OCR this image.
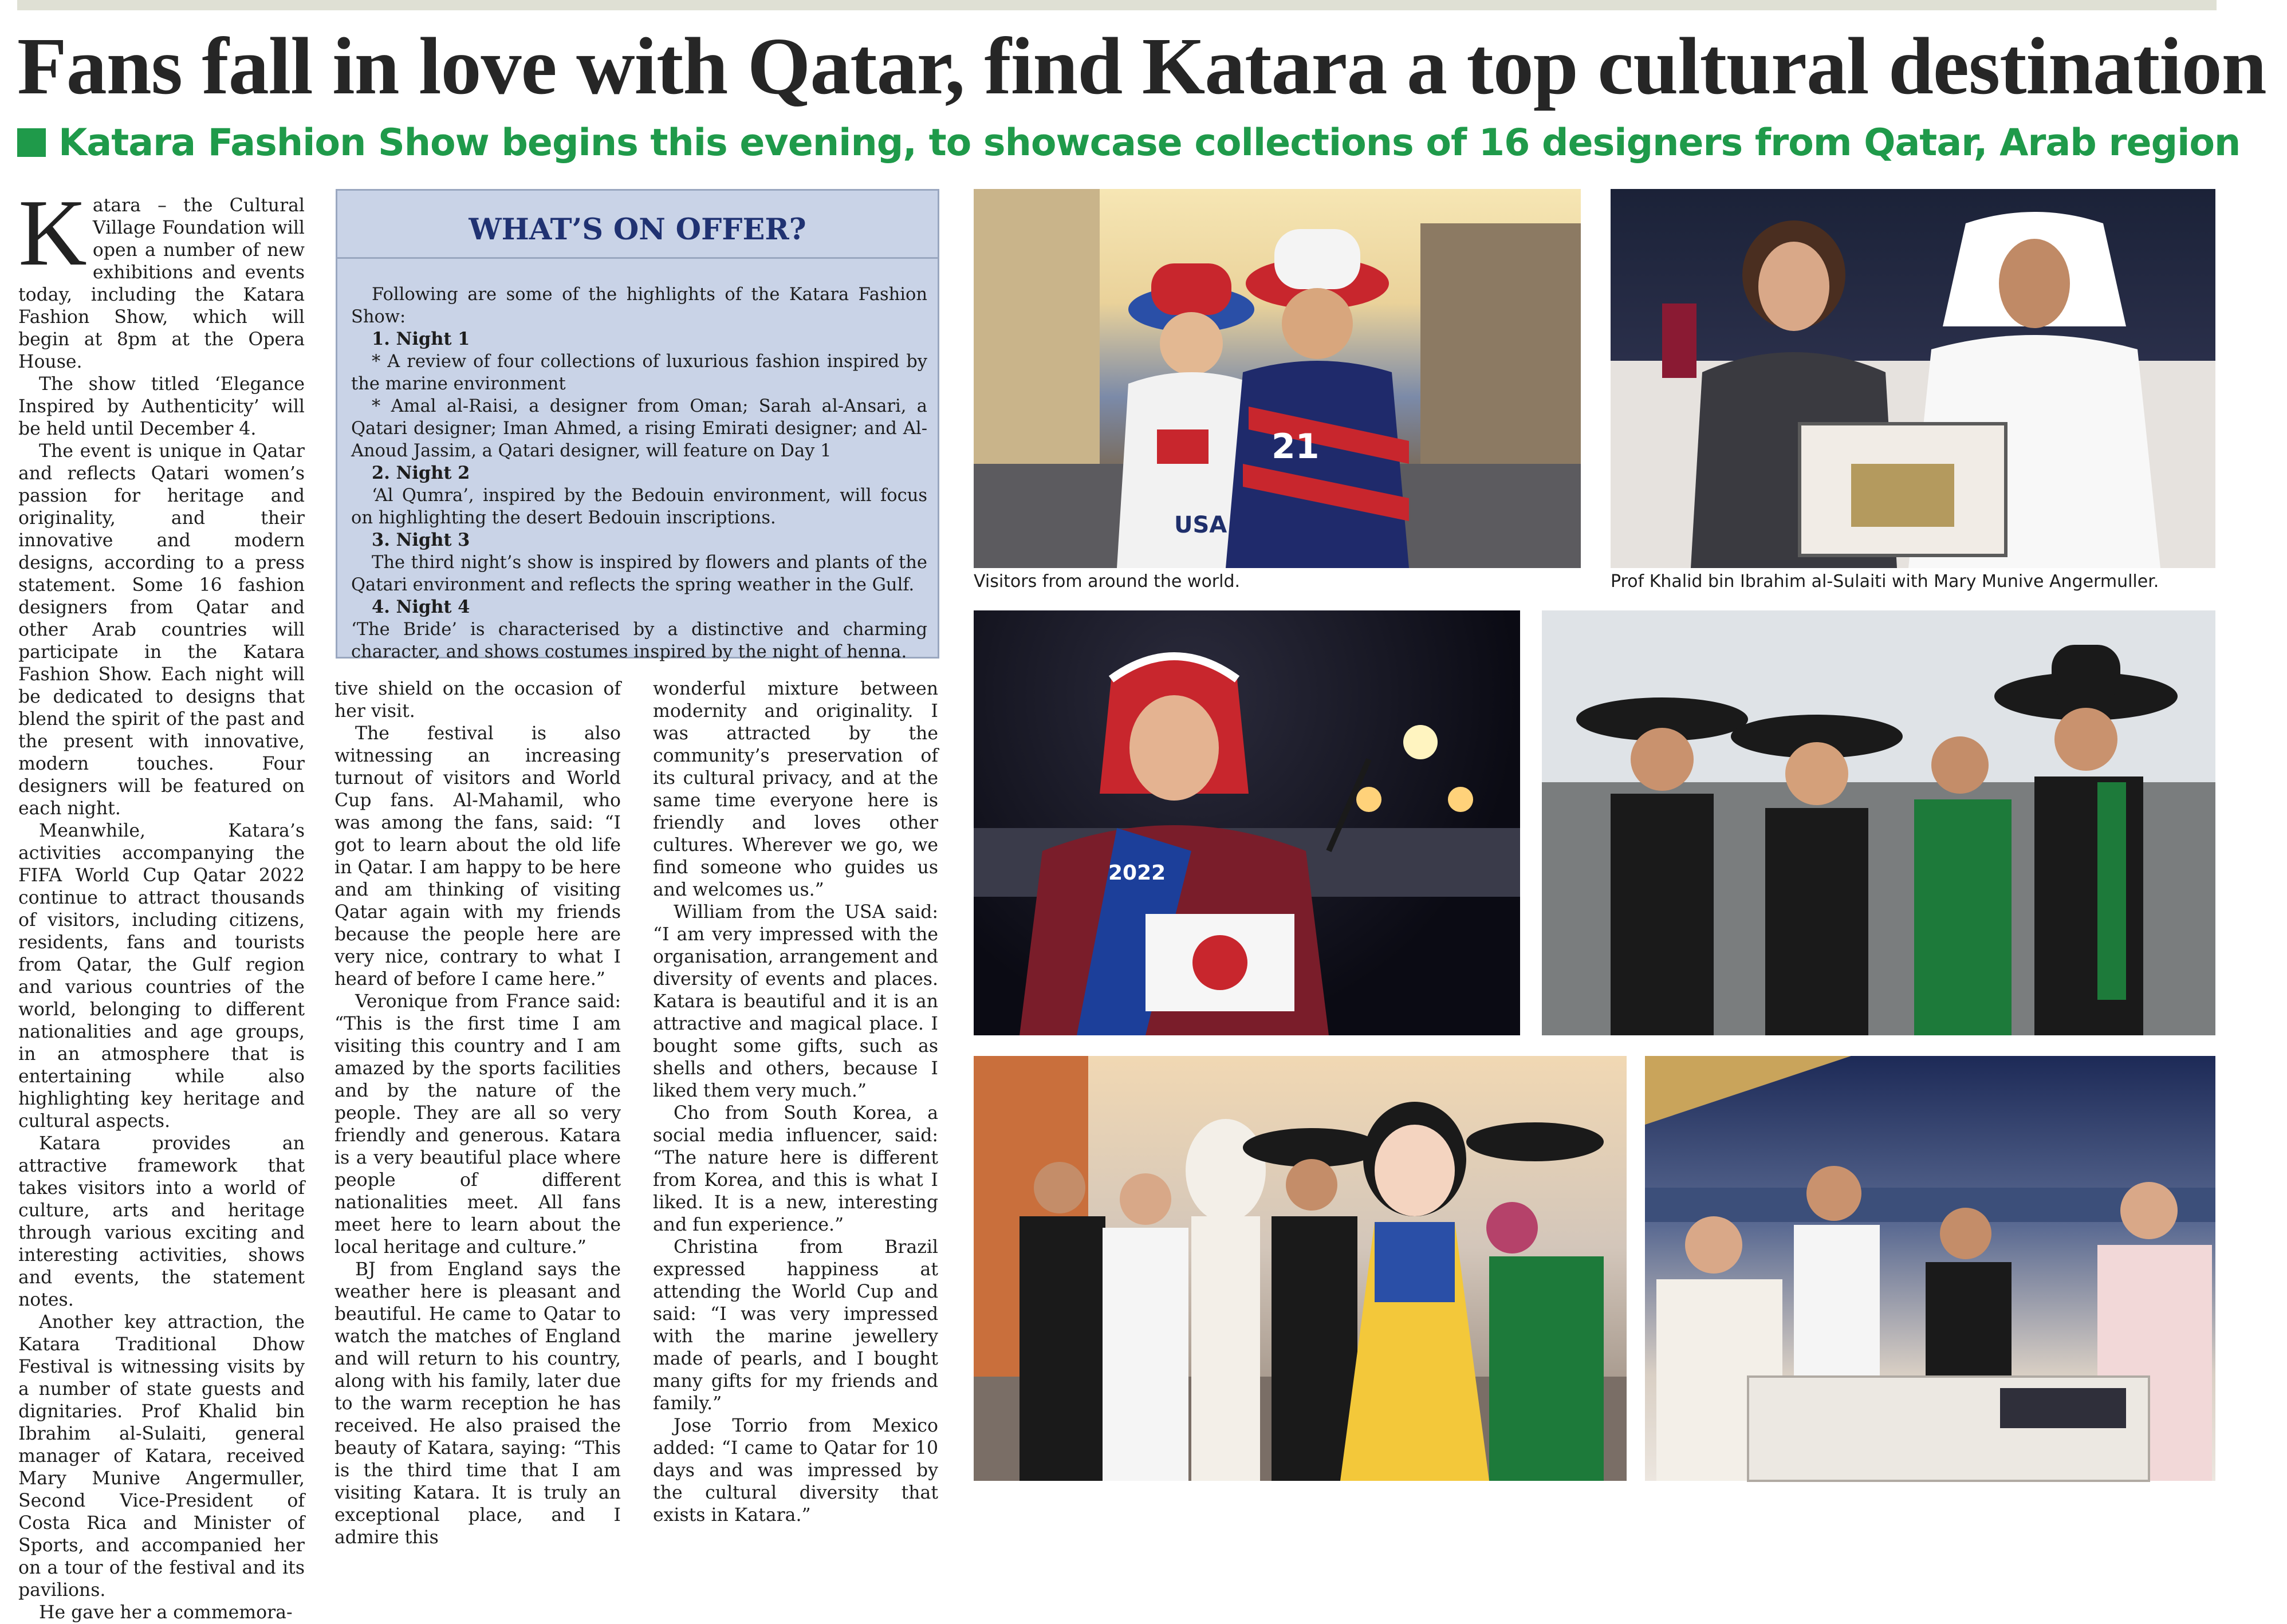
Fans fall in love with Qatar, find Katara a top cultural destination
Katara Fashion Show begins this evening, to showcase collections of 16 designers from Qatar, Arab region

Katara – the Cultural Village Foundation will open a number of new exhibitions and events today, including the Katara Fashion Show, which will begin at 8pm at the Opera House.

The show titled ‘Elegance Inspired by Authenticity’ will be held until December 4.

The event is unique in Qatar and reflects Qatari women’s passion for heritage and originality, and their innovative and modern designs, according to a press statement. Some 16 fashion designers from Qatar and other Arab countries will participate in the Katara Fashion Show. Each night will be dedicated to designs that blend the spirit of the past and the present with innovative, modern touches. Four designers will be featured on each night.

Meanwhile, Katara’s activities accompanying the FIFA World Cup Qatar 2022 continue to attract thousands of visitors, including citizens, residents, fans and tourists from Qatar, the Gulf region and various countries of the world, belonging to different nationalities and age groups, in an atmosphere that is entertaining while also highlighting key heritage and cultural aspects.

Katara provides an attractive framework that takes visitors into a world of culture, arts and heritage through various exciting and interesting activities, shows and events, the statement notes.

Another key attraction, the Katara Traditional Dhow Festival is witnessing visits by a number of state guests and dignitaries. Prof Khalid bin Ibrahim al-Sulaiti, general manager of Katara, received Mary Munive Angermuller, Second Vice-President of Costa Rica and Minister of Sports, and accompanied her on a tour of the festival and its pavilions.

He gave her a commemora-

WHAT’S ON OFFER?

Following are some of the highlights of the Katara Fashion Show:

1. Night 1

* A review of four collections of luxurious fashion inspired by the marine environment

* Amal al-Raisi, a designer from Oman; Sarah al-Ansari, a Qatari designer; Iman Ahmed, a rising Emirati designer; and Al-Anoud Jassim, a Qatari designer, will feature on Day 1

2. Night 2

‘Al Qumra’, inspired by the Bedouin environment, will focus on highlighting the desert Bedouin inscriptions.

3. Night 3

The third night’s show is inspired by flowers and plants of the Qatari environment and reflects the spring weather in the Gulf.

4. Night 4

‘The Bride’ is characterised by a distinctive and charming character, and shows costumes inspired by the night of henna.

tive shield on the occasion of her visit.

The festival is also witnessing an increasing turnout of visitors and World Cup fans. Al-Mahamil, who was among the fans, said: “I got to learn about the old life in Qatar. I am happy to be here and am thinking of visiting Qatar again with my friends because the people here are very nice, contrary to what I heard of before I came here.”

Veronique from France said: “This is the first time I am visiting this country and I am amazed by the sports facilities and by the nature of the people. They are all so very friendly and generous. Katara is a very beautiful place where people of different nationalities meet. All fans meet here to learn about the local heritage and culture.”

BJ from England says the weather here is pleasant and beautiful. He came to Qatar to watch the matches of England and will return to his country, along with his family, later due to the warm reception he has received. He also praised the beauty of Katara, saying: “This is the third time that I am visiting Katara. It is truly an exceptional place, and I admire this

wonderful mixture between modernity and originality. I was attracted by the community’s preservation of its cultural privacy, and at the same time everyone here is friendly and loves other cultures. Wherever we go, we find someone who guides us and welcomes us.”

William from the USA said: “I am very impressed with the organisation, arrangement and diversity of events and places. Katara is beautiful and it is an attractive and magical place. I bought some gifts, such as shells and others, because I liked them very much.”

Cho from South Korea, a social media influencer, said: “The nature here is different from Korea, and this is what I liked. It is a new, interesting and fun experience.”

Christina from Brazil expressed happiness at attending the World Cup and said: “I was very impressed with the marine jewellery made of pearls, and I bought many gifts for my friends and family.”

Jose Torrio from Mexico added: “I came to Qatar for 10 days and was impressed by the cultural diversity that exists in Katara.”

USA
21
Visitors from around the world.	Prof Khalid bin Ibrahim al-Sulaiti with Mary Munive Angermuller.
2022
